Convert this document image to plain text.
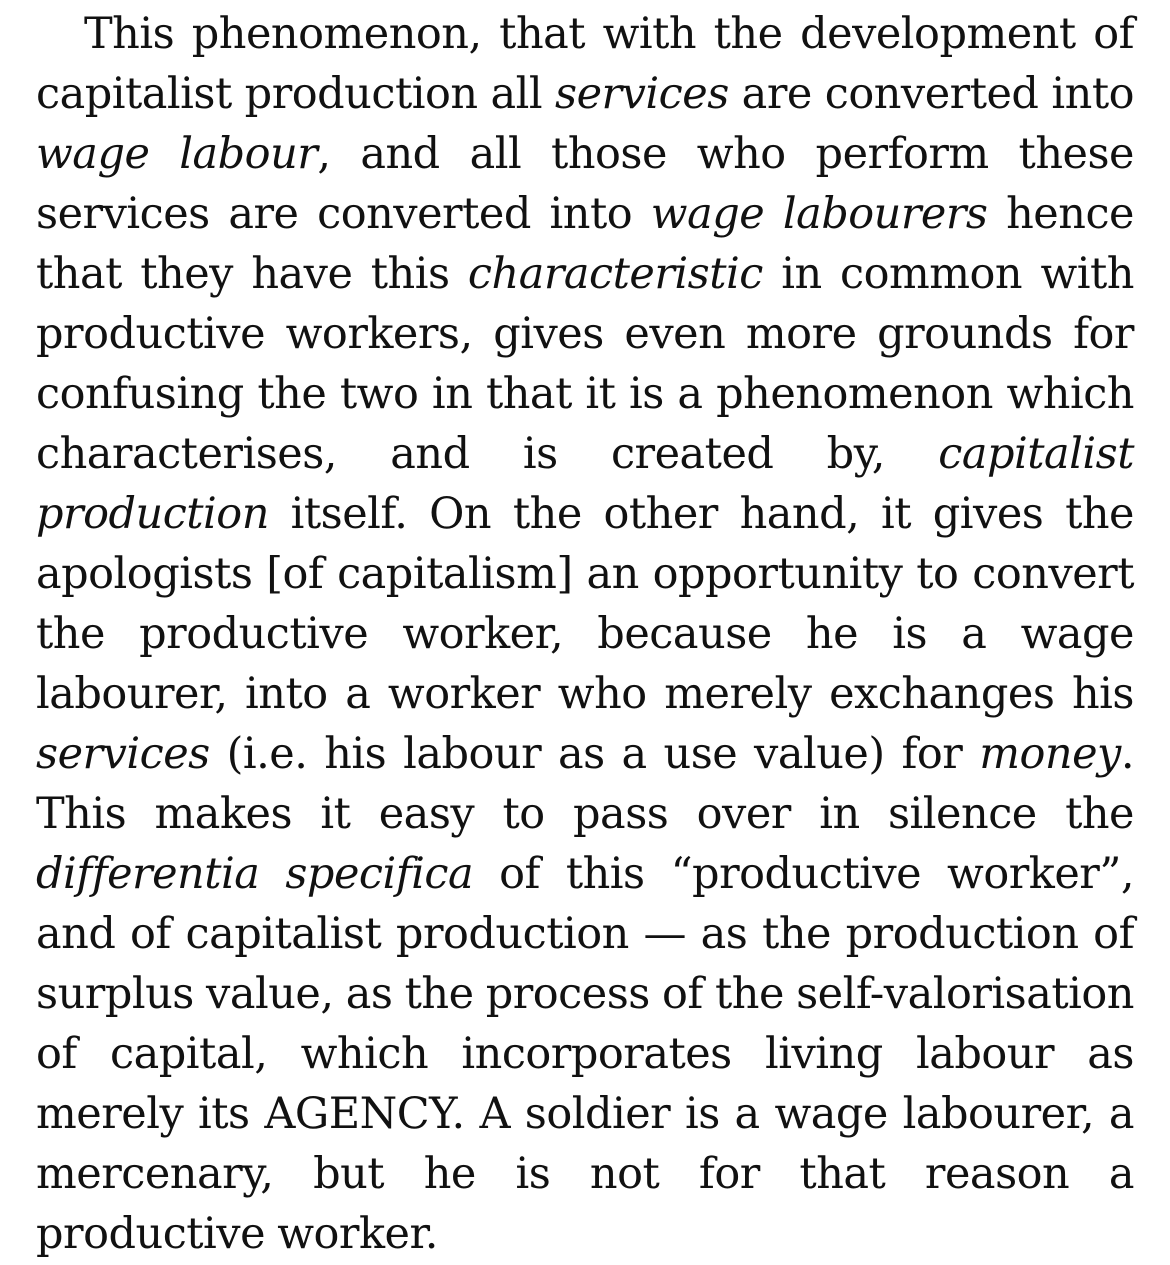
This phenomenon, that with the development of capitalist production all services are converted into wage labour, and all those who perform these services are converted into wage labourers hence that they have this characteristic in common with productive workers, gives even more grounds for confusing the two in that it is a phenomenon which characterises, and is created by, capitalist production itself. On the other hand, it gives the apologists [of capitalism] an opportunity to convert the productive worker, because he is a wage labourer, into a worker who merely exchanges his services (i.e. his labour as a use value) for money. This makes it easy to pass over in silence the differentia specifica of this “productive worker”, and of capitalist production — as the production of surplus value, as the process of the self-valorisation of capital, which incorporates living labour as merely its AGENCY. A soldier is a wage labourer, a mercenary, but he is not for that reason a productive worker.
